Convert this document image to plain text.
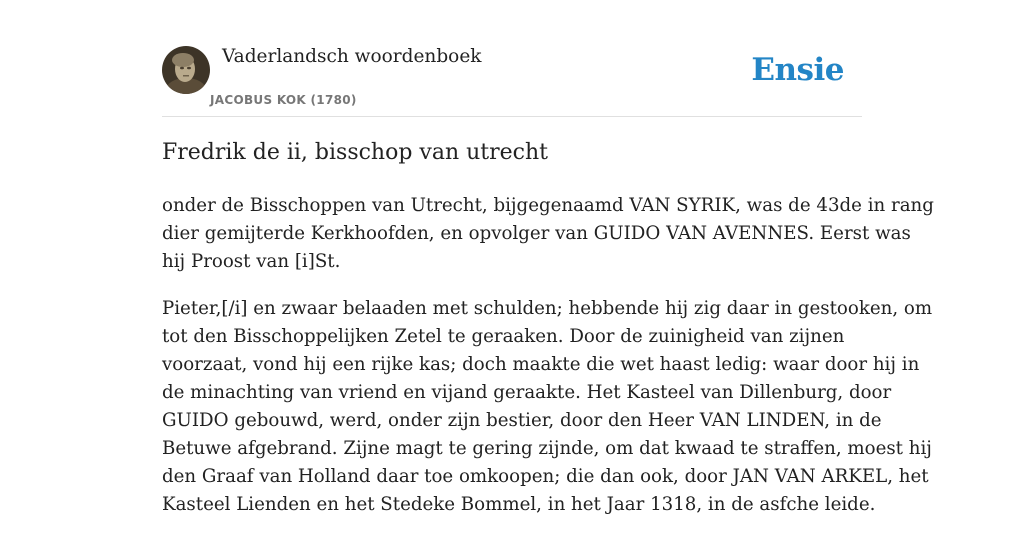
Vaderlandsch woordenboek
JACOBUS KOK (1780)
Ensie
Fredrik de ii, bisschop van utrecht

onder de Bisschoppen van Utrecht, bijgegenaamd VAN SYRIK, was de 43de in rang
dier gemijterde Kerkhoofden, en opvolger van GUIDO VAN AVENNES. Eerst was
hij Proost van [i]St.

Pieter,[/i] en zwaar belaaden met schulden; hebbende hij zig daar in gestooken, om
tot den Bisschoppelijken Zetel te geraaken. Door de zuinigheid van zijnen
voorzaat, vond hij een rijke kas; doch maakte die wet haast ledig: waar door hij in
de minachting van vriend en vijand geraakte. Het Kasteel van Dillenburg, door
GUIDO gebouwd, werd, onder zijn bestier, door den Heer VAN LINDEN, in de
Betuwe afgebrand. Zijne magt te gering zijnde, om dat kwaad te straffen, moest hij
den Graaf van Holland daar toe omkoopen; die dan ook, door JAN VAN ARKEL, het
Kasteel Lienden en het Stedeke Bommel, in het Jaar 1318, in de asfche leide.
